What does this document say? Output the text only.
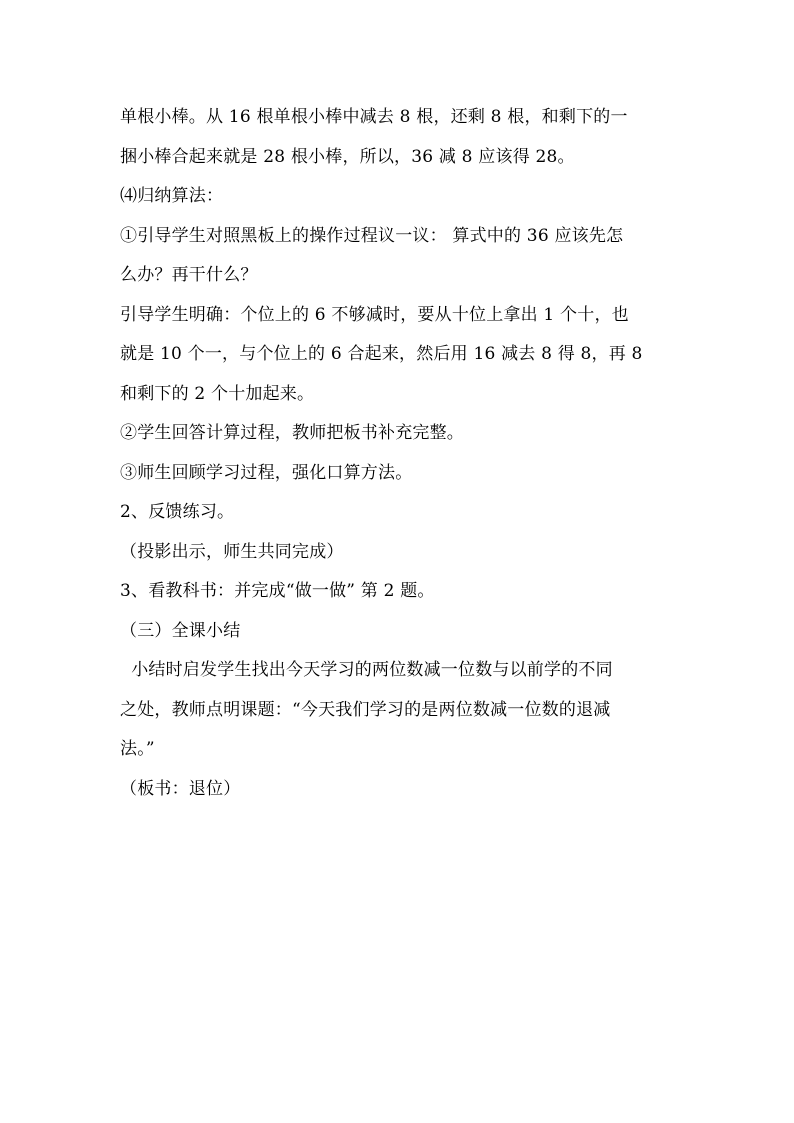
单根小棒。从 16 根单根小棒中减去 8 根，还剩 8 根，和剩下的一
捆小棒合起来就是 28 根小棒，所以，36 减 8 应该得 28。
⑷归纳算法：
①引导学生对照黑板上的操作过程议一议： 算式中的 36 应该先怎
么办？再干什么？
引导学生明确：个位上的 6 不够减时，要从十位上拿出 1 个十，也
就是 10 个一，与个位上的 6 合起来，然后用 16 减去 8 得 8，再 8
和剩下的 2 个十加起来。
②学生回答计算过程，教师把板书补充完整。
③师生回顾学习过程，强化口算方法。
2、反馈练习。
（投影出示，师生共同完成）
3、看教科书：并完成“做一做” 第 2 题。
（三）全课小结
小结时启发学生找出今天学习的两位数减一位数与以前学的不同
之处，教师点明课题：“今天我们学习的是两位数减一位数的退减
法。”
（板书：退位）
